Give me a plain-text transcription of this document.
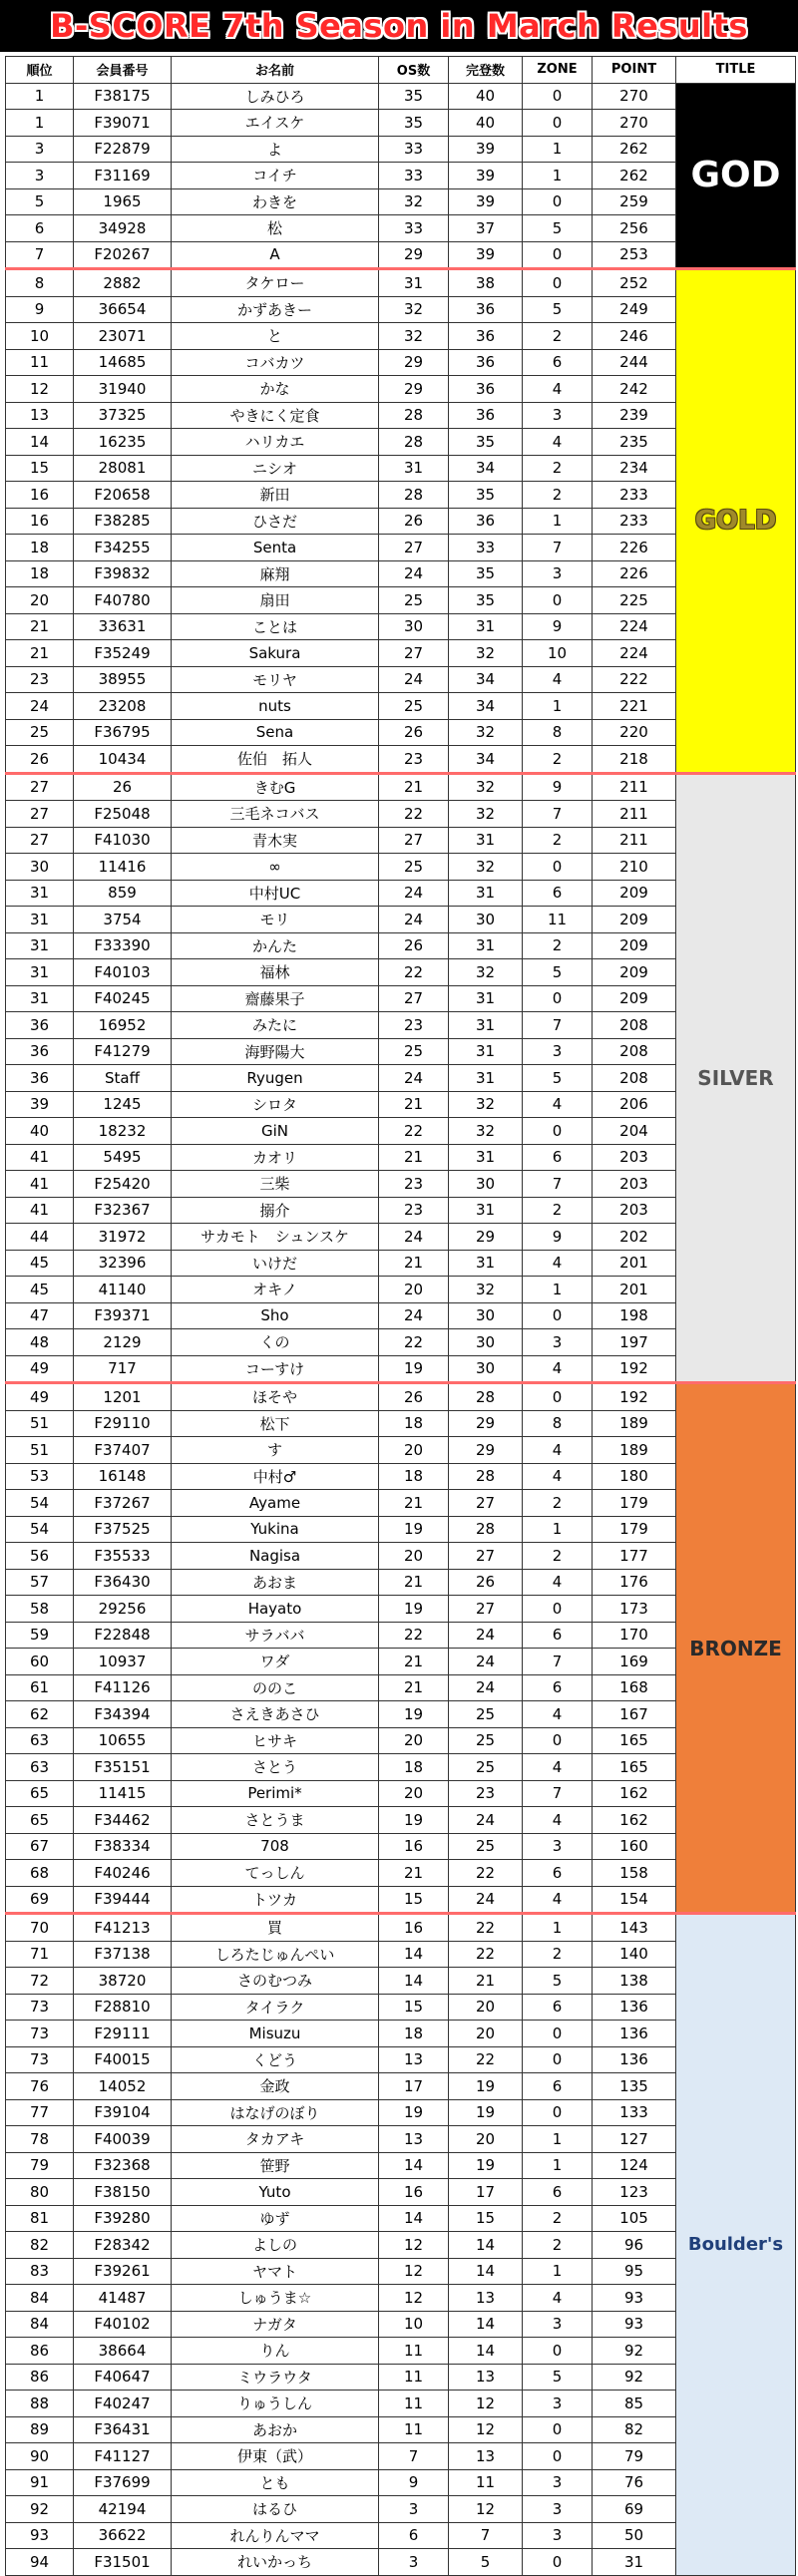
B-SCORE 7th Season in March Results
順位	会員番号	お名前	OS数	完登数	ZONE	POINT	TITLE
1	F38175	しみひろ	35	40	0	270	GOD
1	F39071	エイスケ	35	40	0	270	
3	F22879	よ	33	39	1	262	
3	F31169	コイチ	33	39	1	262	
5	1965	わきを	32	39	0	259	
6	34928	松	33	37	5	256	
7	F20267	A	29	39	0	253	
8	2882	タケロー	31	38	0	252	GOLD
9	36654	かずあきー	32	36	5	249	
10	23071	と	32	36	2	246	
11	14685	コバカツ	29	36	6	244	
12	31940	かな	29	36	4	242	
13	37325	やきにく定食	28	36	3	239	
14	16235	ハリカエ	28	35	4	235	
15	28081	ニシオ	31	34	2	234	
16	F20658	新田	28	35	2	233	
16	F38285	ひさだ	26	36	1	233	
18	F34255	Senta	27	33	7	226	
18	F39832	麻翔	24	35	3	226	
20	F40780	扇田	25	35	0	225	
21	33631	ことは	30	31	9	224	
21	F35249	Sakura	27	32	10	224	
23	38955	モリヤ	24	34	4	222	
24	23208	nuts	25	34	1	221	
25	F36795	Sena	26	32	8	220	
26	10434	佐伯　拓人	23	34	2	218	
27	26	きむG	21	32	9	211	SILVER
27	F25048	三毛ネコバス	22	32	7	211	
27	F41030	青木実	27	31	2	211	
30	11416	∞	25	32	0	210	
31	859	中村UC	24	31	6	209	
31	3754	モリ	24	30	11	209	
31	F33390	かんた	26	31	2	209	
31	F40103	福林	22	32	5	209	
31	F40245	齋藤果子	27	31	0	209	
36	16952	みたに	23	31	7	208	
36	F41279	海野陽大	25	31	3	208	
36	Staff	Ryugen	24	31	5	208	
39	1245	シロタ	21	32	4	206	
40	18232	GiN	22	32	0	204	
41	5495	カオリ	21	31	6	203	
41	F25420	三柴	23	30	7	203	
41	F32367	搦介	23	31	2	203	
44	31972	サカモト　シュンスケ	24	29	9	202	
45	32396	いけだ	21	31	4	201	
45	41140	オキノ	20	32	1	201	
47	F39371	Sho	24	30	0	198	
48	2129	くの	22	30	3	197	
49	717	コーすけ	19	30	4	192	
49	1201	ほそや	26	28	0	192	BRONZE
51	F29110	松下	18	29	8	189	
51	F37407	す	20	29	4	189	
53	16148	中村♂	18	28	4	180	
54	F37267	Ayame	21	27	2	179	
54	F37525	Yukina	19	28	1	179	
56	F35533	Nagisa	20	27	2	177	
57	F36430	あおま	21	26	4	176	
58	29256	Hayato	19	27	0	173	
59	F22848	サラババ	22	24	6	170	
60	10937	ワダ	21	24	7	169	
61	F41126	ののこ	21	24	6	168	
62	F34394	さえきあさひ	19	25	4	167	
63	10655	ヒサキ	20	25	0	165	
63	F35151	さとう	18	25	4	165	
65	11415	Perimi*	20	23	7	162	
65	F34462	さとうま	19	24	4	162	
67	F38334	708	16	25	3	160	
68	F40246	てっしん	21	22	6	158	
69	F39444	トツカ	15	24	4	154	
70	F41213	買	16	22	1	143	Boulder's
71	F37138	しろたじゅんぺい	14	22	2	140	
72	38720	さのむつみ	14	21	5	138	
73	F28810	タイラク	15	20	6	136	
73	F29111	Misuzu	18	20	0	136	
73	F40015	くどう	13	22	0	136	
76	14052	金政	17	19	6	135	
77	F39104	はなげのぼり	19	19	0	133	
78	F40039	タカアキ	13	20	1	127	
79	F32368	笹野	14	19	1	124	
80	F38150	Yuto	16	17	6	123	
81	F39280	ゆず	14	15	2	105	
82	F28342	よしの	12	14	2	96	
83	F39261	ヤマト	12	14	1	95	
84	41487	しゅうま☆	12	13	4	93	
84	F40102	ナガタ	10	14	3	93	
86	38664	りん	11	14	0	92	
86	F40647	ミウラウタ	11	13	5	92	
88	F40247	りゅうしん	11	12	3	85	
89	F36431	あおか	11	12	0	82	
90	F41127	伊東（武）	7	13	0	79	
91	F37699	とも	9	11	3	76	
92	42194	はるひ	3	12	3	69	
93	36622	れんりんママ	6	7	3	50	
94	F31501	れいかっち	3	5	0	31	
